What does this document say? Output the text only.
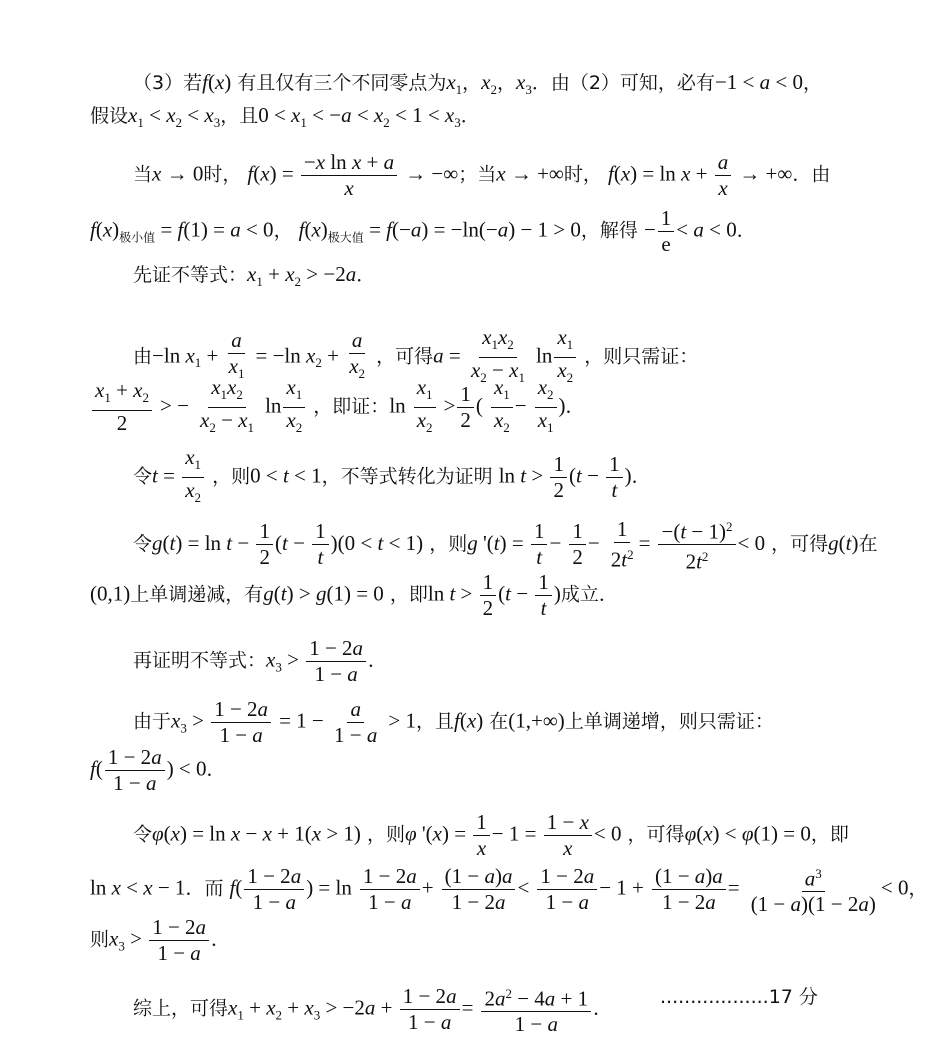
（3）若f(x) 有且仅有三个不同零点为$x_1$，$x_2$，$x_3$．由（2）可知，必有−1 < a < 0，
假设$x_1 < x_2 < x_3$，且$0 < x_1 < -a < x_2 < 1 < x_3$．
当x → 0时， $f(x) = \frac{\text{−x ln x + a}}{x}$ → −∞；当x → +∞时， $f(x) = \ln x + \frac{a}{x}$ → +∞．由
$f(x)_{极小值} = f(1) = a < 0$， $f(x)_{极大值} = f(-a) = -\ln(-a) - 1 > 0$，解得 − $\frac{1}{e} < a < 0$．
先证不等式：$x_1 + x_2 > -2a$．
由−ln $x_1 + \frac{a}{x_1} = -\ln$ $x_2 + \frac{a}{x_2}$ ，可得$a = \frac{x_1x_2}{x_2 - x_1}$ $\ln \frac{x_1}{x_2}$ ，则只需证：
$\frac{x_1 + x_2}{2}$ > − $\frac{x_1x_2}{x_2 - x_1}$ $\ln \frac{x_1}{x_2}$ ，即证：$\ln \frac{x_1}{x_2} > \frac{1}{2}$ ( $\frac{x_1}{x_2} - \frac{x_2}{x_1}$ )．
令$t = \frac{x_1}{x_2}$ ，则0 < t < 1，不等式转化为证明 $\ln t > \frac{1}{2} (t - \frac{1}{t}$ )．
令$g(t) = \ln t - \frac{1}{2} (t - \frac{1}{t} )(0 < t < 1)$ ，则g '$(t) = \frac{1}{t} - \frac{1}{2} - \frac{1}{2t^2} = \frac{-(t - 1)^2}{2t^2} < 0$ ，可得g(t)在
(0,1)上单调递减，有g(t) > g(1) = 0 ，即$\ln t > \frac{1}{2} (t - \frac{1}{t}$ )成立．
再证明不等式：$x_3 > \frac{1 - 2a}{1 - a}$ ．
由于$x_3 > \frac{1 - 2a}{1 - a} = 1 - \frac{a}{1 - a} > 1$，且f(x) 在(1,+∞)上单调递增，则只需证：
$f( \frac{1 - 2a}{1 - a}$ ) < 0．
令φ(x) = ln x − x + 1(x > 1) ，则φ '$(x) = \frac{1}{x} - 1 = \frac{1 - x}{x} < 0$ ，可得φ(x) < φ(1) = 0，即
ln x < x − 1．而 $f( \frac{1 - 2a}{1 - a}$ ) = $\ln \frac{1 - 2a}{1 - a} + \frac{(1 - a)a}{1 - 2a} < \frac{1 - 2a}{1 - a} - 1 + \frac{(1 - a)a}{1 - 2a} = \frac{a^3}{(1 - a)(1 - 2a)} < 0$，
则$x_3 > \frac{1 - 2a}{1 - a}$ ．
综上，可得$x_1 + x_2 + x_3 > -2a + \frac{1 - 2a}{1 - a} = \frac{2a^2 - 4a + 1}{1 - a}$ ．
..................17 分
